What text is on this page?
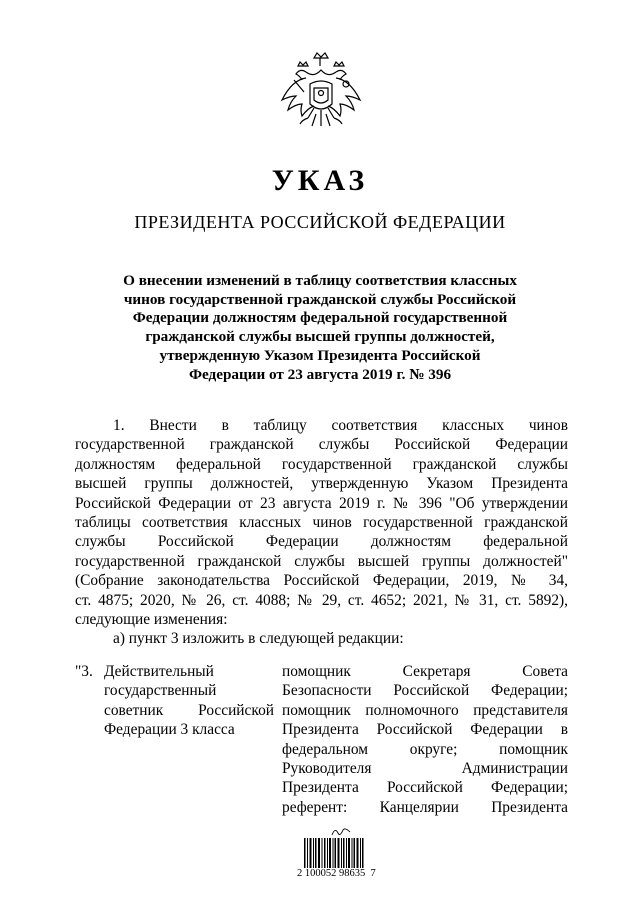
УКАЗ
ПРЕЗИДЕНТА РОССИЙСКОЙ ФЕДЕРАЦИИ
О внесении изменений в таблицу соответствия классных
чинов государственной гражданской службы Российской
Федерации должностям федеральной государственной
гражданской службы высшей группы должностей,
утвержденную Указом Президента Российской
Федерации от 23 августа 2019 г. № 396
1. Внести в таблицу соответствия классных чинов
государственной гражданской службы Российской Федерации
должностям федеральной государственной гражданской службы
высшей группы должностей, утвержденную Указом Президента
Российской Федерации от 23 августа 2019 г. № 396 "Об утверждении
таблицы соответствия классных чинов государственной гражданской
службы Российской Федерации должностям федеральной
государственной гражданской службы высшей группы должностей"
(Собрание законодательства Российской Федерации, 2019, № 34,
ст. 4875; 2020, № 26, ст. 4088; № 29, ст. 4652; 2021, № 31, ст. 5892),
следующие изменения:
а) пункт 3 изложить в следующей редакции:
"3. Действительный
государственный
советник Российской
Федерации 3 класса
помощник Секретаря Совета
Безопасности Российской Федерации;
помощник полномочного представителя
Президента Российской Федерации в
федеральном округе; помощник
Руководителя Администрации
Президента Российской Федерации;
референт: Канцелярии Президента
2 100052 98635  7
